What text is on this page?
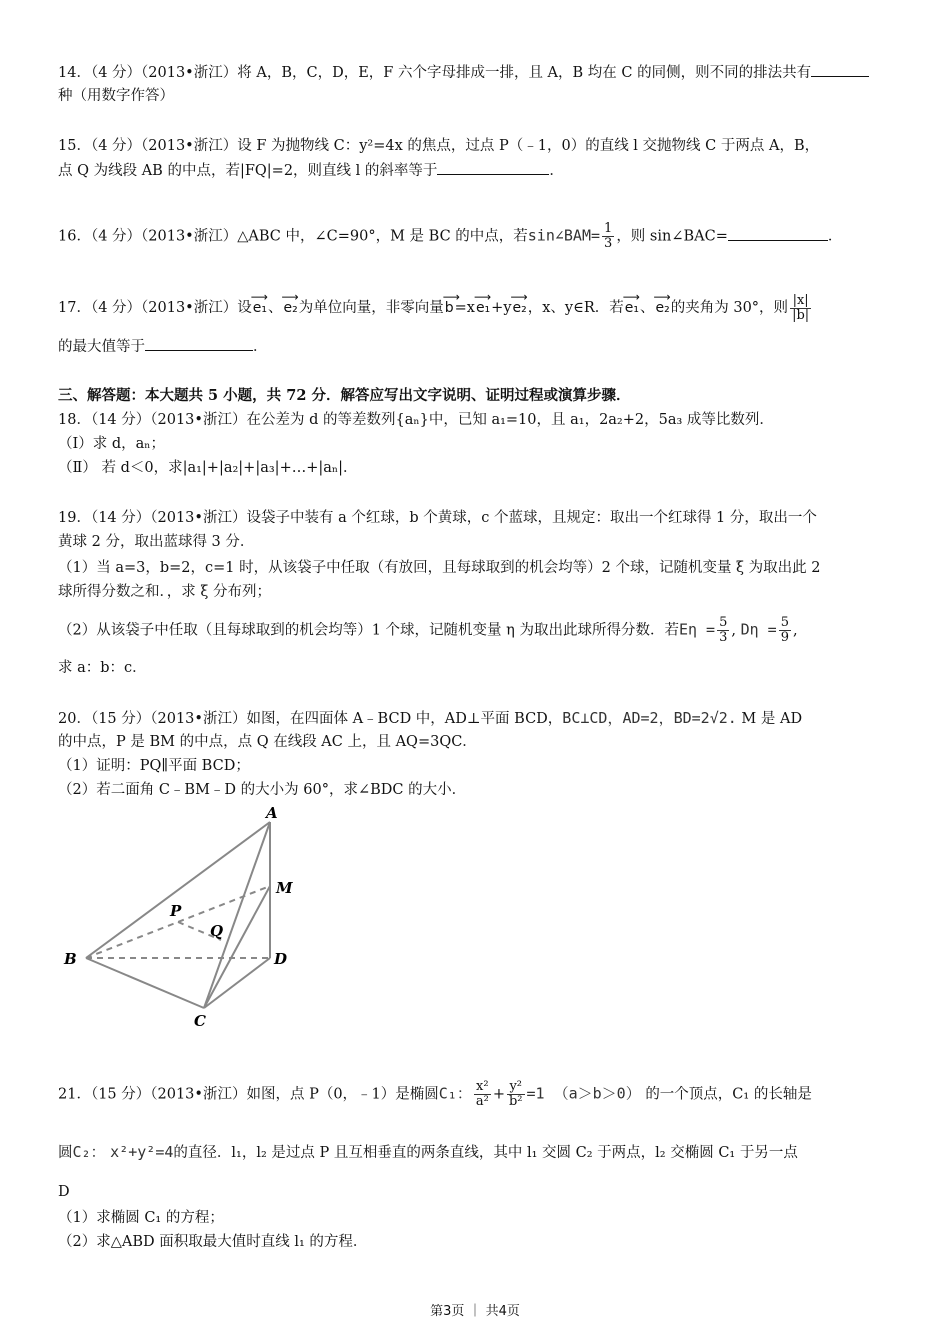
14．（4 分）（2013•浙江）将 A，B，C，D，E，F 六个字母排成一排，且 A，B 均在 C 的同侧，则不同的排法共有
种（用数字作答）
15．（4 分）（2013•浙江）设 F 为抛物线 C：y²=4x 的焦点，过点 P（﹣1，0）的直线 l 交抛物线 C 于两点 A，B，
点 Q 为线段 AB 的中点，若|FQ|=2，则直线 l 的斜率等于	．
16．（4 分）（2013•浙江）△ABC 中，∠C=90°，M 是 BC 的中点，若sin∠BAM= $\frac{1}{3}$ ，则 sin∠BAC=	．
17．（4 分）（2013•浙江）设⟶ e₁、⟶ e₂为单位向量，非零向量⟶ b=x⟶ e₁+y⟶ e₂，x、y∈R．若⟶ e₁、⟶ e₂的夹角为 30°，则 $\frac{|x|}{|b|}$
的最大值等于	．
三、解答题：本大题共 5 小题，共 72 分．解答应写出文字说明、证明过程或演算步骤．
18．（14 分）（2013•浙江）在公差为 d 的等差数列{aₙ}中，已知 a₁=10，且 a₁，2a₂+2，5a₃ 成等比数列．
（Ⅰ）求 d，aₙ；
（Ⅱ） 若 d＜0，求|a₁|+|a₂|+|a₃|+…+|aₙ|．
19．（14 分）（2013•浙江）设袋子中装有 a 个红球，b 个黄球，c 个蓝球，且规定：取出一个红球得 1 分，取出一个
黄球 2 分，取出蓝球得 3 分．
（1）当 a=3，b=2，c=1 时，从该袋子中任取（有放回，且每球取到的机会均等）2 个球，记随机变量 ξ 为取出此 2
球所得分数之和．，求 ξ 分布列；
（2）从该袋子中任取（且每球取到的机会均等）1 个球，记随机变量 η 为取出此球所得分数．若$E\eta = \frac{5}{3}$ , $D\eta = \frac{5}{9}$ ,
求 a：b：c．
20．（15 分）（2013•浙江）如图，在四面体 A﹣BCD 中，AD⊥平面 BCD，BC⊥CD，AD=2，BD=2√2. M 是 AD
的中点，P 是 BM 的中点，点 Q 在线段 AC 上，且 AQ=3QC．
（1）证明：PQ∥平面 BCD；
（2）若二面角 C﹣BM﹣D 的大小为 60°，求∠BDC 的大小．
A
M
P
Q
B	D
C
21．（15 分）（2013•浙江）如图，点 P（0，﹣1）是椭圆C₁： $\frac{\text{x²}}{\text{a²}} + \frac{\text{y²}}{\text{b²}} =1$ （a＞b＞0） 的一个顶点，C₁ 的长轴是
圆C₂： x²+y²=4的直径．l₁，l₂ 是过点 P 且互相垂直的两条直线，其中 l₁ 交圆 C₂ 于两点，l₂ 交椭圆 C₁ 于另一点
D
（1）求椭圆 C₁ 的方程；
（2）求△ABD 面积取最大值时直线 l₁ 的方程．
第3页 ｜ 共4页
